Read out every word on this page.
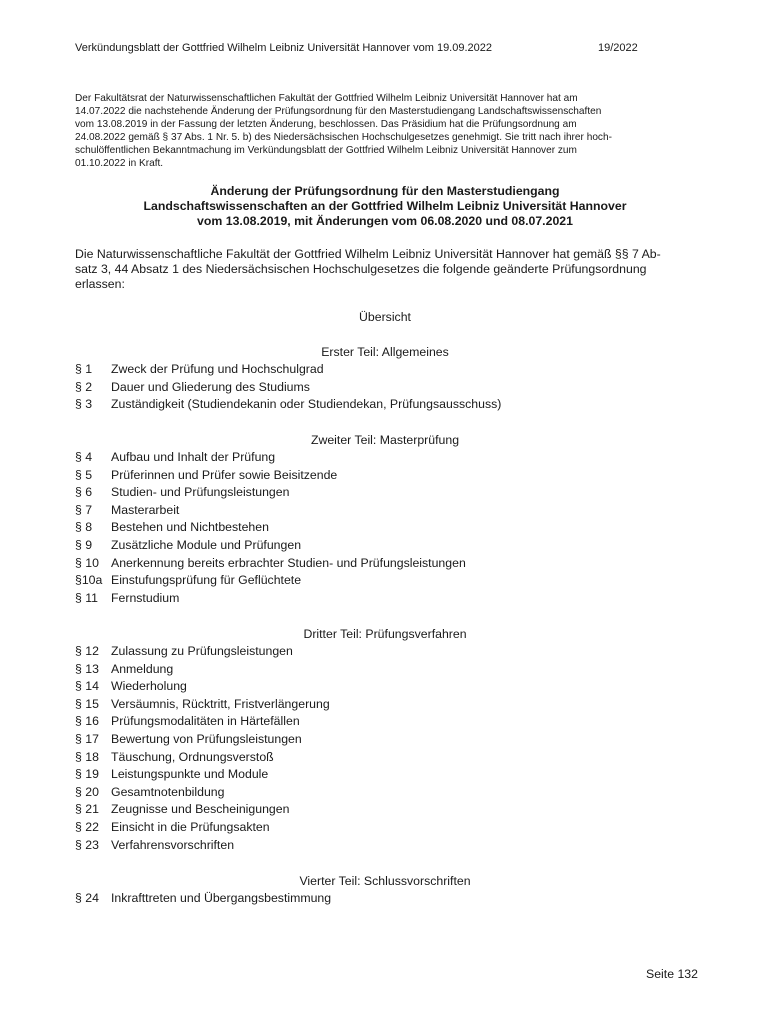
Verkündungsblatt der Gottfried Wilhelm Leibniz Universität Hannover vom 19.09.2022	19/2022
Der Fakultätsrat der Naturwissenschaftlichen Fakultät der Gottfried Wilhelm Leibniz Universität Hannover hat am
14.07.2022 die nachstehende Änderung der Prüfungsordnung für den Masterstudiengang Landschaftswissenschaften
vom 13.08.2019 in der Fassung der letzten Änderung, beschlossen. Das Präsidium hat die Prüfungsordnung am
24.08.2022 gemäß § 37 Abs. 1 Nr. 5. b) des Niedersächsischen Hochschulgesetzes genehmigt. Sie tritt nach ihrer hoch-
schulöffentlichen Bekanntmachung im Verkündungsblatt der Gottfried Wilhelm Leibniz Universität Hannover zum
01.10.2022 in Kraft.
Änderung der Prüfungsordnung für den Masterstudiengang
Landschaftswissenschaften an der Gottfried Wilhelm Leibniz Universität Hannover
vom 13.08.2019, mit Änderungen vom 06.08.2020 und 08.07.2021
Die Naturwissenschaftliche Fakultät der Gottfried Wilhelm Leibniz Universität Hannover hat gemäß §§ 7 Ab-
satz 3, 44 Absatz 1 des Niedersächsischen Hochschulgesetzes die folgende geänderte Prüfungsordnung
erlassen:
Übersicht
Erster Teil: Allgemeines
§ 1 Zweck der Prüfung und Hochschulgrad
§ 2 Dauer und Gliederung des Studiums
§ 3 Zuständigkeit (Studiendekanin oder Studiendekan, Prüfungsausschuss)
Zweiter Teil: Masterprüfung
§ 4 Aufbau und Inhalt der Prüfung
§ 5 Prüferinnen und Prüfer sowie Beisitzende
§ 6 Studien- und Prüfungsleistungen
§ 7 Masterarbeit
§ 8 Bestehen und Nichtbestehen
§ 9 Zusätzliche Module und Prüfungen
§ 10 Anerkennung bereits erbrachter Studien- und Prüfungsleistungen
§10a Einstufungsprüfung für Geflüchtete
§ 11 Fernstudium
Dritter Teil: Prüfungsverfahren
§ 12 Zulassung zu Prüfungsleistungen
§ 13 Anmeldung
§ 14 Wiederholung
§ 15 Versäumnis, Rücktritt, Fristverlängerung
§ 16 Prüfungsmodalitäten in Härtefällen
§ 17 Bewertung von Prüfungsleistungen
§ 18 Täuschung, Ordnungsverstoß
§ 19 Leistungspunkte und Module
§ 20 Gesamtnotenbildung
§ 21 Zeugnisse und Bescheinigungen
§ 22 Einsicht in die Prüfungsakten
§ 23 Verfahrensvorschriften
Vierter Teil: Schlussvorschriften
§ 24 Inkrafttreten und Übergangsbestimmung
Seite 132
